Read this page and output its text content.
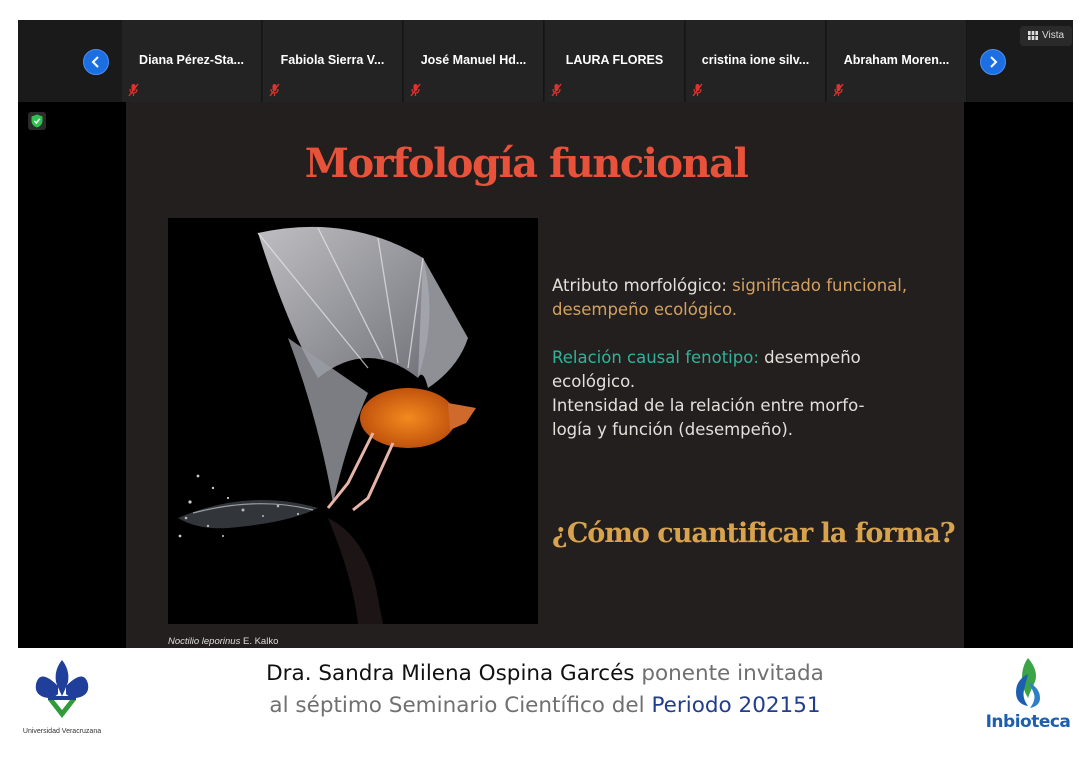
Diana Pérez-Sta...	Fabiola Sierra V...	José Manuel Hd...	LAURA FLORES	cristina ione silv...	Abraham Moren...
Vista
Morfología funcional
Noctilio leporinus E. Kalko
Atributo morfológico: significado funcional,
desempeño ecológico.
Relación causal fenotipo: desempeño
ecológico.
Intensidad de la relación entre morfo-
logía y función (desempeño).
¿Cómo cuantificar la forma?
Universidad Veracruzana
Dra. Sandra Milena Ospina Garcés ponente invitada
al séptimo Seminario Científico del Periodo 202151
Inbioteca
